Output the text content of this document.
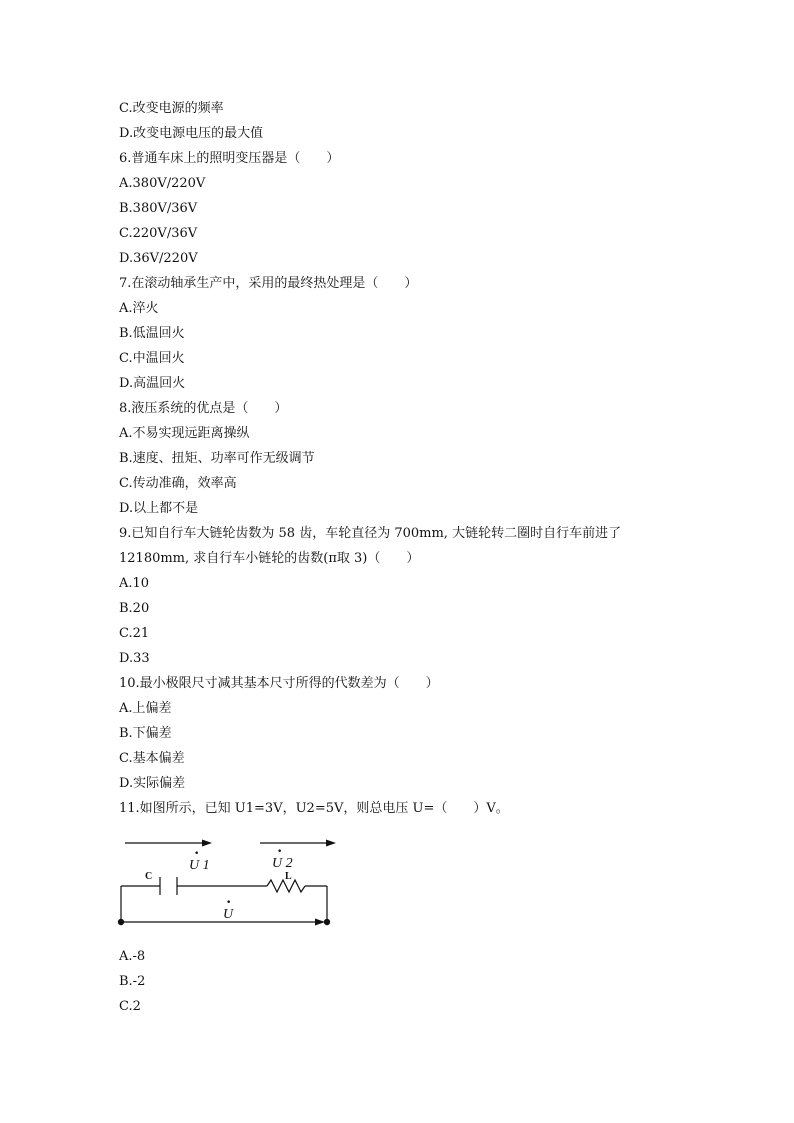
C.改变电源的频率
D.改变电源电压的最大值
6.普通车床上的照明变压器是（　　）
A.380V/220V
B.380V/36V
C.220V/36V
D.36V/220V
7.在滚动轴承生产中，采用的最终热处理是（　　）
A.淬火
B.低温回火
C.中温回火
D.高温回火
8.液压系统的优点是（　　）
A.不易实现远距离操纵
B.速度、扭矩、功率可作无级调节
C.传动准确，效率高
D.以上都不是
9.已知自行车大链轮齿数为 58 齿，车轮直径为 700mm, 大链轮转二圈时自行车前进了
12180mm, 求自行车小链轮的齿数(π取 3)（　　）
A.10
B.20
C.21
D.33
10.最小极限尺寸减其基本尺寸所得的代数差为（　　）
A.上偏差
B.下偏差
C.基本偏差
D.实际偏差
11.如图所示，已知 U1=3V，U2=5V，则总电压 U=（　　）V。
·
U 1
·
U 2
C	L
·
U
A.-8
B.-2
C.2
